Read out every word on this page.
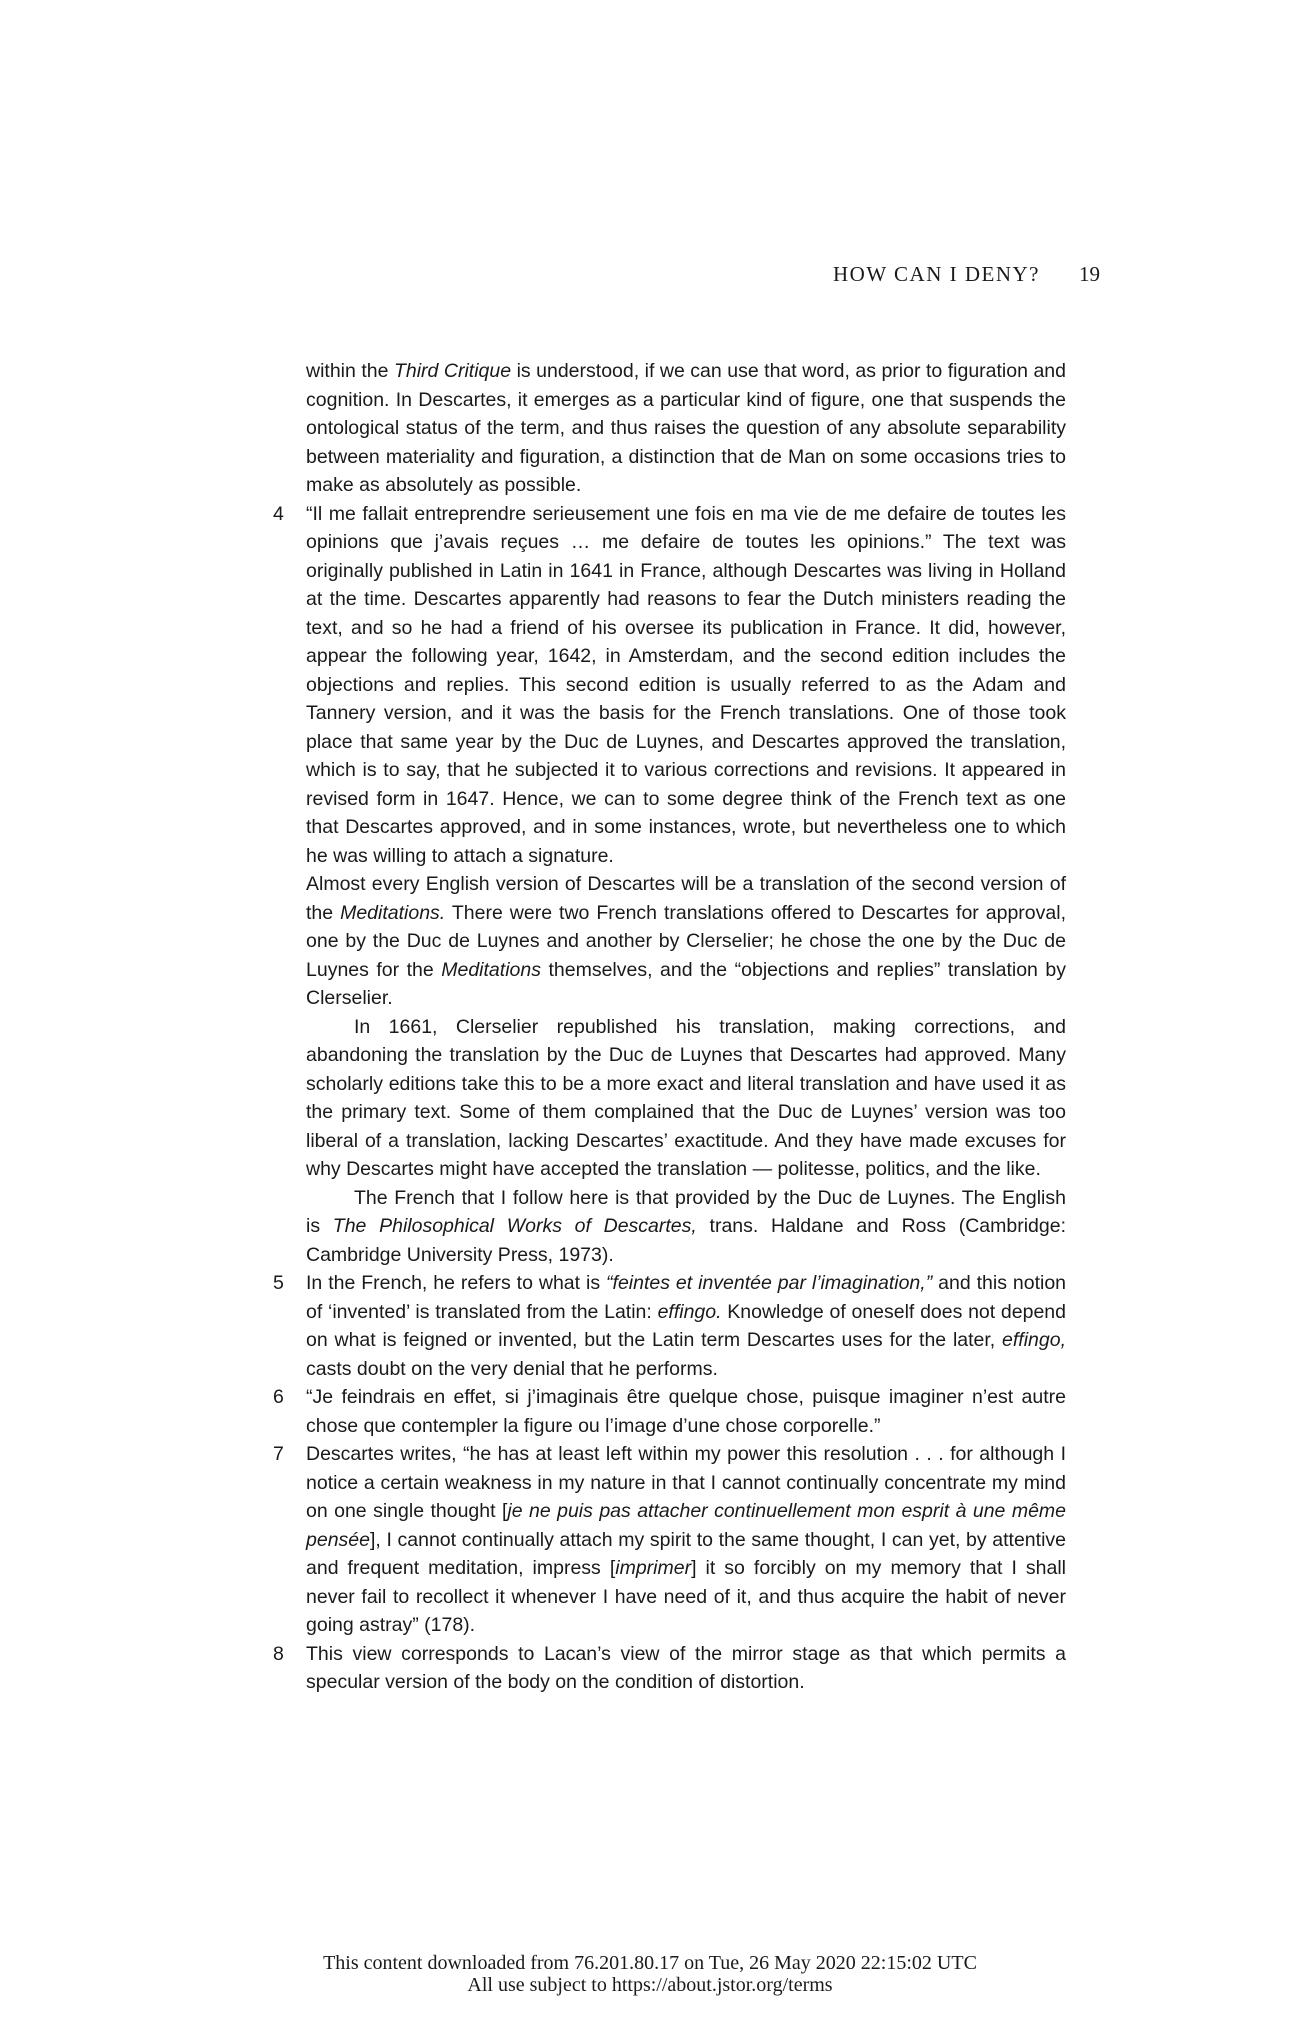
HOW CAN I DENY? 19

within the Third Critique is understood, if we can use that word, as prior to figuration and cognition. In Descartes, it emerges as a particular kind of figure, one that suspends the ontological status of the term, and thus raises the question of any absolute separability between materiality and figuration, a distinction that de Man on some occasions tries to make as absolutely as possible.

4 “Il me fallait entreprendre serieusement une fois en ma vie de me defaire de toutes les opinions que j’avais reçues … me defaire de toutes les opinions.” The text was originally published in Latin in 1641 in France, although Descartes was living in Holland at the time. Descartes apparently had reasons to fear the Dutch ministers reading the text, and so he had a friend of his oversee its publication in France. It did, however, appear the following year, 1642, in Amsterdam, and the second edition includes the objections and replies. This second edition is usually referred to as the Adam and Tannery version, and it was the basis for the French translations. One of those took place that same year by the Duc de Luynes, and Descartes approved the translation, which is to say, that he subjected it to various corrections and revisions. It appeared in revised form in 1647. Hence, we can to some degree think of the French text as one that Descartes approved, and in some instances, wrote, but nevertheless one to which he was willing to attach a signature.

Almost every English version of Descartes will be a translation of the second version of the Meditations. There were two French translations offered to Descartes for approval, one by the Duc de Luynes and another by Clerselier; he chose the one by the Duc de Luynes for the Meditations themselves, and the “objections and replies” translation by Clerselier.

In 1661, Clerselier republished his translation, making corrections, and abandoning the translation by the Duc de Luynes that Descartes had approved. Many scholarly editions take this to be a more exact and literal translation and have used it as the primary text. Some of them complained that the Duc de Luynes’ version was too liberal of a translation, lacking Descartes’ exactitude. And they have made excuses for why Descartes might have accepted the translation — politesse, politics, and the like.

The French that I follow here is that provided by the Duc de Luynes. The English is The Philosophical Works of Descartes, trans. Haldane and Ross (Cambridge: Cambridge University Press, 1973).

5 In the French, he refers to what is “feintes et inventée par l’imagination,” and this notion of ‘invented’ is translated from the Latin: effingo. Knowledge of oneself does not depend on what is feigned or invented, but the Latin term Descartes uses for the later, effingo, casts doubt on the very denial that he performs.

6 “Je feindrais en effet, si j’imaginais être quelque chose, puisque imaginer n’est autre chose que contempler la figure ou l’image d’une chose corporelle.”

7 Descartes writes, “he has at least left within my power this resolution . . . for although I notice a certain weakness in my nature in that I cannot continually concentrate my mind on one single thought [je ne puis pas attacher continuellement mon esprit à une même pensée], I cannot continually attach my spirit to the same thought, I can yet, by attentive and frequent meditation, impress [imprimer] it so forcibly on my memory that I shall never fail to recollect it whenever I have need of it, and thus acquire the habit of never going astray” (178).

8 This view corresponds to Lacan’s view of the mirror stage as that which permits a specular version of the body on the condition of distortion.

This content downloaded from 76.201.80.17 on Tue, 26 May 2020 22:15:02 UTC
All use subject to https://about.jstor.org/terms
